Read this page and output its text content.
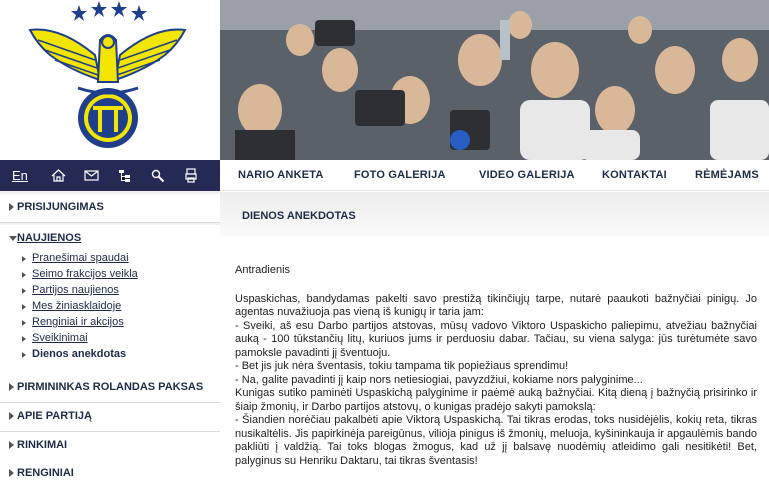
En	NARIO ANKETA	FOTO GALERIJA	VIDEO GALERIJA KONTAKTAI	RĖMĖJAMS
PRISIJUNGIMAS
NAUJIENOS
Pranešimai spaudai
Seimo frakcijos veikla
Partijos naujienos
Mes žiniasklaidoje
Renginiai ir akcijos
Sveikinimai
Dienos anekdotas
PIRMININKAS ROLANDAS PAKSAS
APIE PARTIJĄ
RINKIMAI
RENGINIAI
DIENOS ANEKDOTAS

Antradienis

Uspaskichas, bandydamas pakelti savo prestižą tikinčiųjų tarpe, nutarė paaukoti bažnyčiai pinigų. Jo agentas nuvažiuoja pas vieną iš kunigų ir taria jam:

- Sveiki, aš esu Darbo partijos atstovas, mūsų vadovo Viktoro Uspaskicho paliepimu, atvežiau bažnyčiai auką - 100 tūkstančių litų, kuriuos jums ir perduosiu dabar. Tačiau, su viena salyga: jūs turėtumėte savo pamoksle pavadinti jį šventuoju.

- Bet jis juk nėra šventasis, tokiu tampama tik popiežiaus sprendimu!

- Na, galite pavadinti jį kaip nors netiesiogiai, pavyzdžiui, kokiame nors palyginime...

Kunigas sutiko paminėti Uspaskichą palyginime ir paėmė auką bažnyčiai. Kitą dieną į bažnyčią prisirinko ir šiaip žmonių, ir Darbo partijos atstovų, o kunigas pradėjo sakyti pamokslą:

- Šiandien norėčiau pakalbėti apie Viktorą Uspaskichą. Tai tikras erodas, toks nusidėjėlis, kokių reta, tikras nusikaltėlis. Jis papirkinėja pareigūnus, vilioja pinigus iš žmonių, meluoja, kyšininkauja ir apgaulėmis bando pakliūti į valdžią. Tai toks blogas žmogus, kad už jį balsavę nuodėmių atleidimo gali nesitikėti! Bet, palyginus su Henriku Daktaru, tai tikras šventasis!
